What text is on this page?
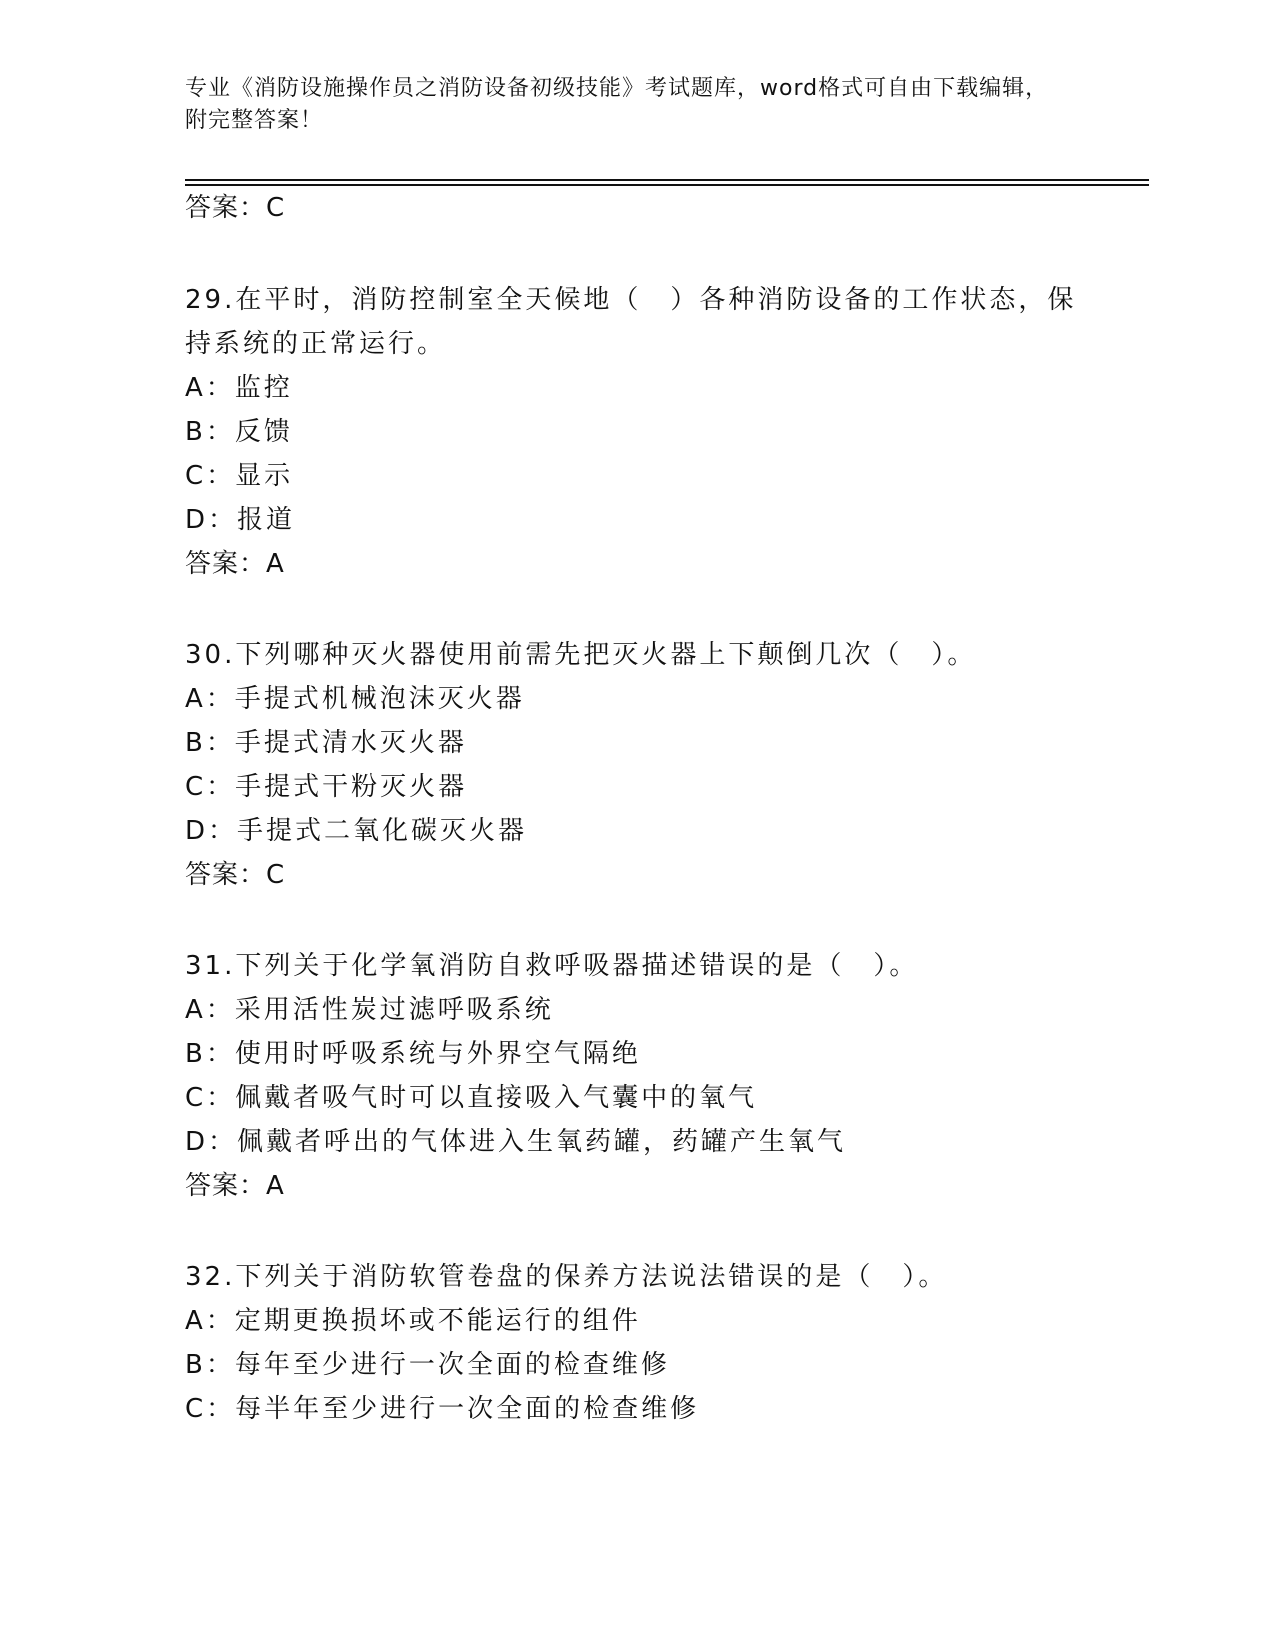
专业《消防设施操作员之消防设备初级技能》考试题库，word格式可自由下载编辑，附完整答案！
答案：C
29.在平时，消防控制室全天候地（　）各种消防设备的工作状态，保
持系统的正常运行。
A：监控
B：反馈
C：显示
D：报道
答案：A
30.下列哪种灭火器使用前需先把灭火器上下颠倒几次（　）。
A：手提式机械泡沫灭火器
B：手提式清水灭火器
C：手提式干粉灭火器
D：手提式二氧化碳灭火器
答案：C
31.下列关于化学氧消防自救呼吸器描述错误的是（　）。
A：采用活性炭过滤呼吸系统
B：使用时呼吸系统与外界空气隔绝
C：佩戴者吸气时可以直接吸入气囊中的氧气
D：佩戴者呼出的气体进入生氧药罐，药罐产生氧气
答案：A
32.下列关于消防软管卷盘的保养方法说法错误的是（　）。
A：定期更换损坏或不能运行的组件
B：每年至少进行一次全面的检查维修
C：每半年至少进行一次全面的检查维修
